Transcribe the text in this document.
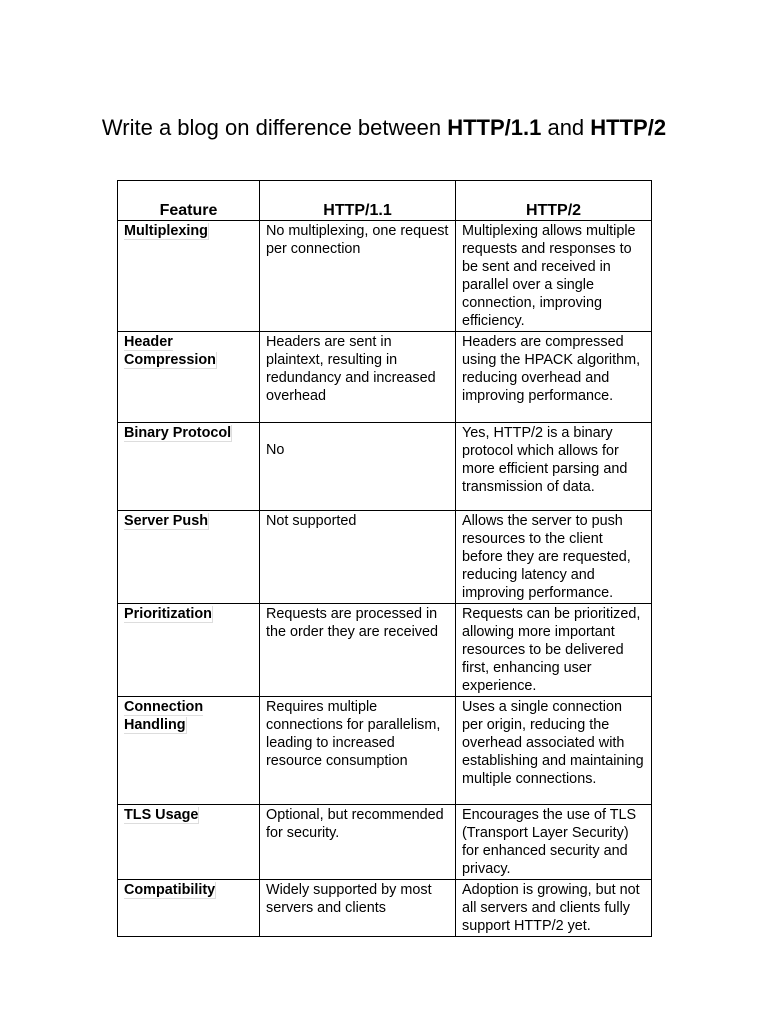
Write a blog on difference between HTTP/1.1 and HTTP/2
Feature	HTTP/1.1	HTTP/2
Multiplexing	No multiplexing, one request per connection	Multiplexing allows multiple requests and responses to be sent and received in parallel over a single connection, improving efficiency.
Header Compression	Headers are sent in plaintext, resulting in redundancy and increased overhead	Headers are compressed using the HPACK algorithm, reducing overhead and improving performance.
Binary Protocol	No	Yes, HTTP/2 is a binary protocol which allows for more efficient parsing and transmission of data.
Server Push	Not supported	Allows the server to push resources to the client before they are requested, reducing latency and improving performance.
Prioritization	Requests are processed in the order they are received	Requests can be prioritized, allowing more important resources to be delivered first, enhancing user experience.
Connection Handling	Requires multiple connections for parallelism, leading to increased resource consumption	Uses a single connection per origin, reducing the overhead associated with establishing and maintaining multiple connections.
TLS Usage	Optional, but recommended for security.	Encourages the use of TLS (Transport Layer Security) for enhanced security and privacy.
Compatibility	Widely supported by most servers and clients	Adoption is growing, but not all servers and clients fully support HTTP/2 yet.
